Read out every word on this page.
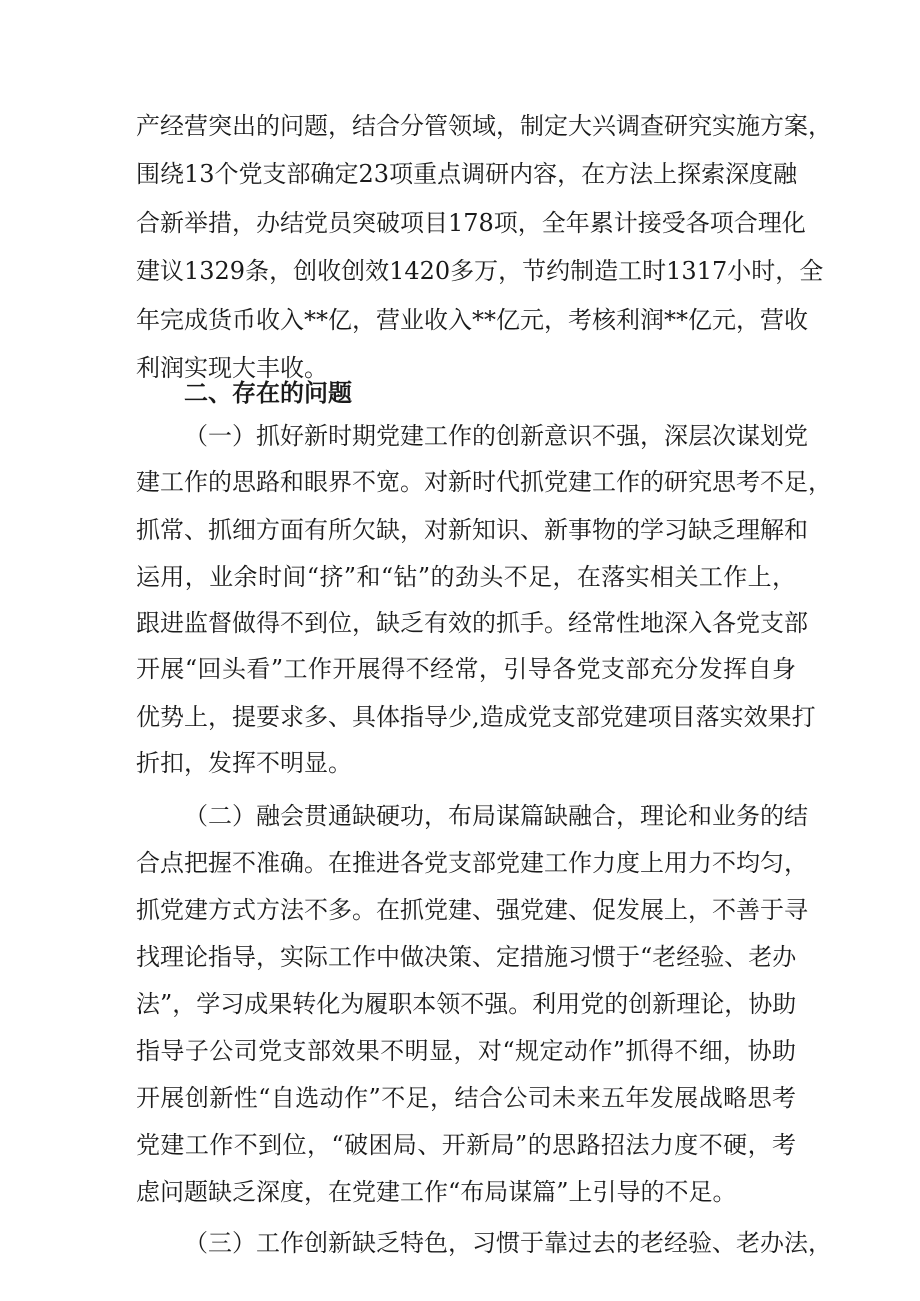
产经营突出的问题，结合分管领域，制定大兴调查研究实施方案，
围绕13个党支部确定23项重点调研内容，在方法上探索深度融
合新举措，办结党员突破项目178项，全年累计接受各项合理化
建议1329条，创收创效1420多万，节约制造工时1317小时，全
年完成货币收入**亿，营业收入**亿元，考核利润**亿元，营收
利润实现大丰收。
二、存在的问题
（一）抓好新时期党建工作的创新意识不强，深层次谋划党
建工作的思路和眼界不宽。对新时代抓党建工作的研究思考不足，
抓常、抓细方面有所欠缺，对新知识、新事物的学习缺乏理解和
运用，业余时间“挤”和“钻”的劲头不足，在落实相关工作上，
跟进监督做得不到位，缺乏有效的抓手。经常性地深入各党支部
开展“回头看”工作开展得不经常，引导各党支部充分发挥自身
优势上，提要求多、具体指导少,造成党支部党建项目落实效果打
折扣，发挥不明显。
（二）融会贯通缺硬功，布局谋篇缺融合，理论和业务的结
合点把握不准确。在推进各党支部党建工作力度上用力不均匀，
抓党建方式方法不多。在抓党建、强党建、促发展上，不善于寻
找理论指导，实际工作中做决策、定措施习惯于“老经验、老办
法”，学习成果转化为履职本领不强。利用党的创新理论，协助
指导子公司党支部效果不明显，对“规定动作”抓得不细，协助
开展创新性“自选动作”不足，结合公司未来五年发展战略思考
党建工作不到位，“破困局、开新局”的思路招法力度不硬，考
虑问题缺乏深度，在党建工作“布局谋篇”上引导的不足。
（三）工作创新缺乏特色，习惯于靠过去的老经验、老办法，
